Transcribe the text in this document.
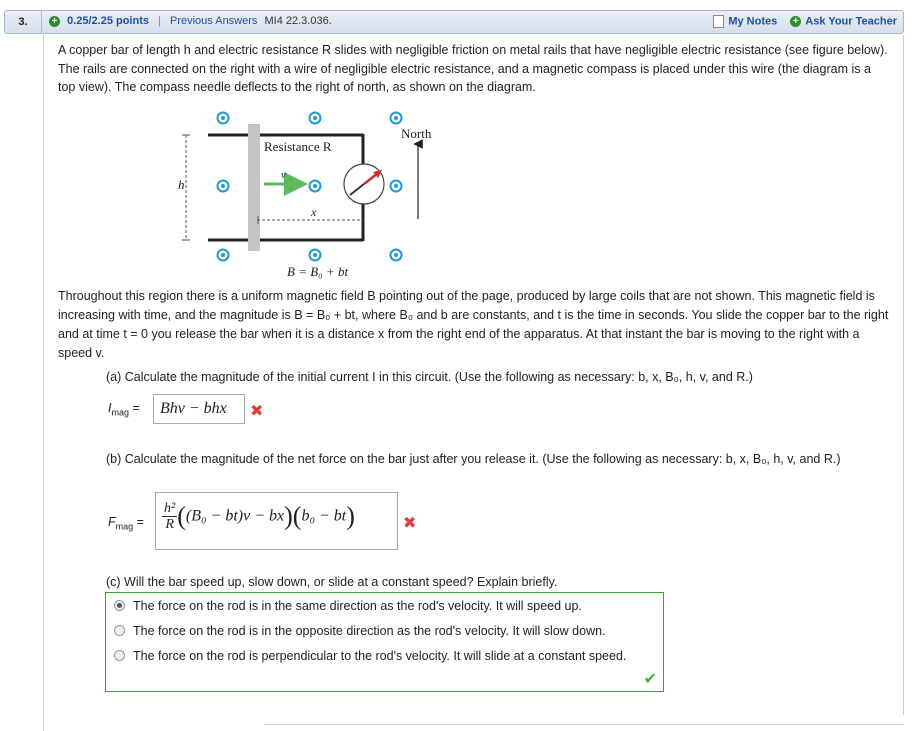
3.	+ 0.25/2.25 points | Previous Answers MI4 22.3.036.	My Notes + Ask Your Teacher
A copper bar of length h and electric resistance R slides with negligible friction on metal rails that have negligible electric resistance (see figure below). The rails are connected on the right with a wire of negligible electric resistance, and a magnetic compass is placed under this wire (the diagram is a top view). The compass needle deflects to the right of north, as shown on the diagram.
h
x
v
Resistance R
North
B = B₀ + bt
Throughout this region there is a uniform magnetic field B pointing out of the page, produced by large coils that are not shown. This magnetic field is increasing with time, and the magnitude is B = B₀ + bt, where B₀ and b are constants, and t is the time in seconds. You slide the copper bar to the right and at time t = 0 you release the bar when it is a distance x from the right end of the apparatus. At that instant the bar is moving to the right with a speed v.
(a) Calculate the magnitude of the initial current I in this circuit. (Use the following as necessary: b, x, B₀, h, v, and R.)
$I_{mag}$ =	Bhv − bhx	✖
(b) Calculate the magnitude of the net force on the bar just after you release it. (Use the following as necessary: b, x, B₀, h, v, and R.)
$F_{mag} = \frac{\text{h²}}{R} ((B_0 - bt)v - bx)(b_0 - bt)$	✖
(c) Will the bar speed up, slow down, or slide at a constant speed? Explain briefly.
The force on the rod is in the same direction as the rod's velocity. It will speed up.
The force on the rod is in the opposite direction as the rod's velocity. It will slow down.
The force on the rod is perpendicular to the rod's velocity. It will slide at a constant speed.
✔
